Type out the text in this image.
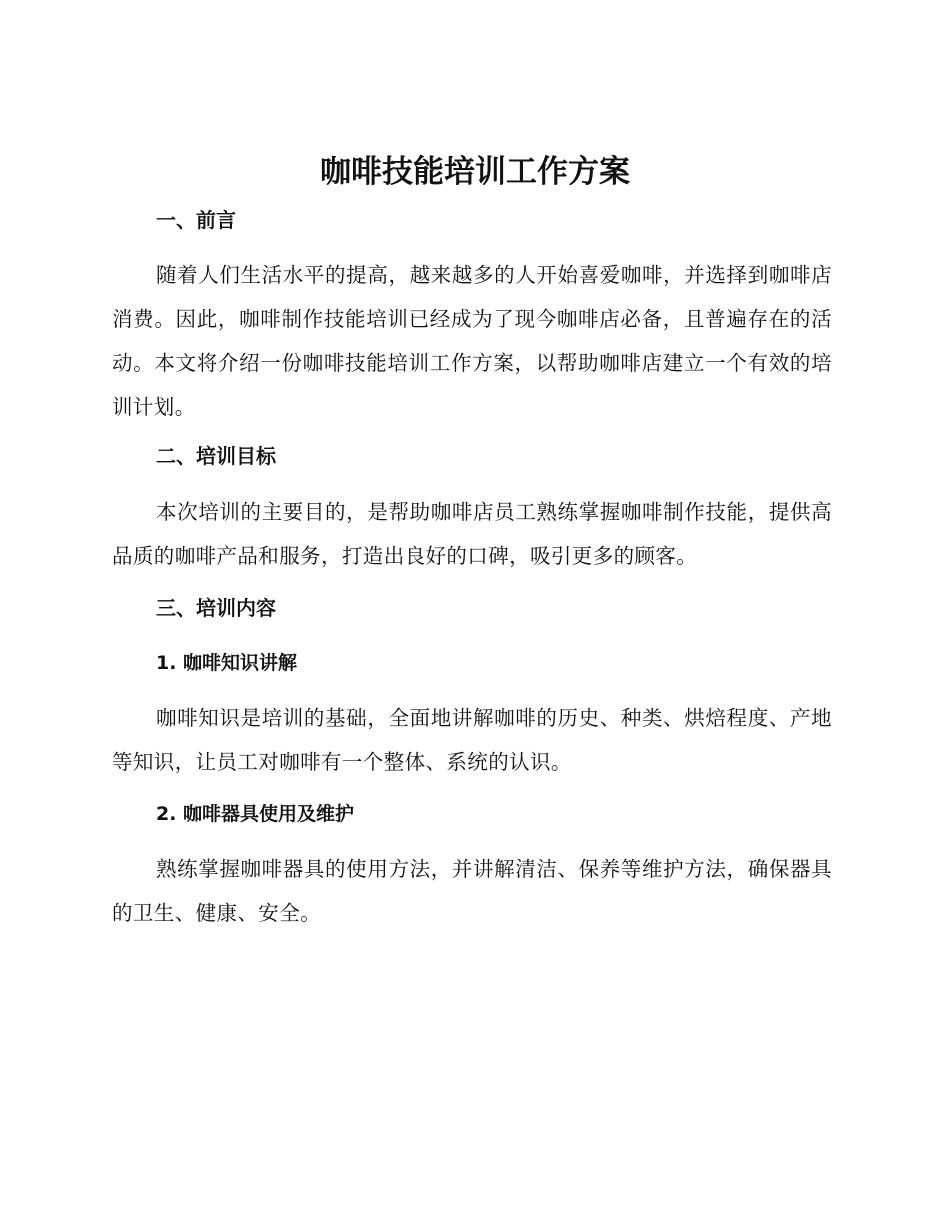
咖啡技能培训工作方案
一、前言

随着人们生活水平的提高，越来越多的人开始喜爱咖啡，并选择到咖啡店消费。因此，咖啡制作技能培训已经成为了现今咖啡店必备，且普遍存在的活动。本文将介绍一份咖啡技能培训工作方案，以帮助咖啡店建立一个有效的培训计划。

二、培训目标

本次培训的主要目的，是帮助咖啡店员工熟练掌握咖啡制作技能，提供高品质的咖啡产品和服务，打造出良好的口碑，吸引更多的顾客。

三、培训内容
1. 咖啡知识讲解

咖啡知识是培训的基础，全面地讲解咖啡的历史、种类、烘焙程度、产地等知识，让员工对咖啡有一个整体、系统的认识。

2. 咖啡器具使用及维护

熟练掌握咖啡器具的使用方法，并讲解清洁、保养等维护方法，确保器具的卫生、健康、安全。
